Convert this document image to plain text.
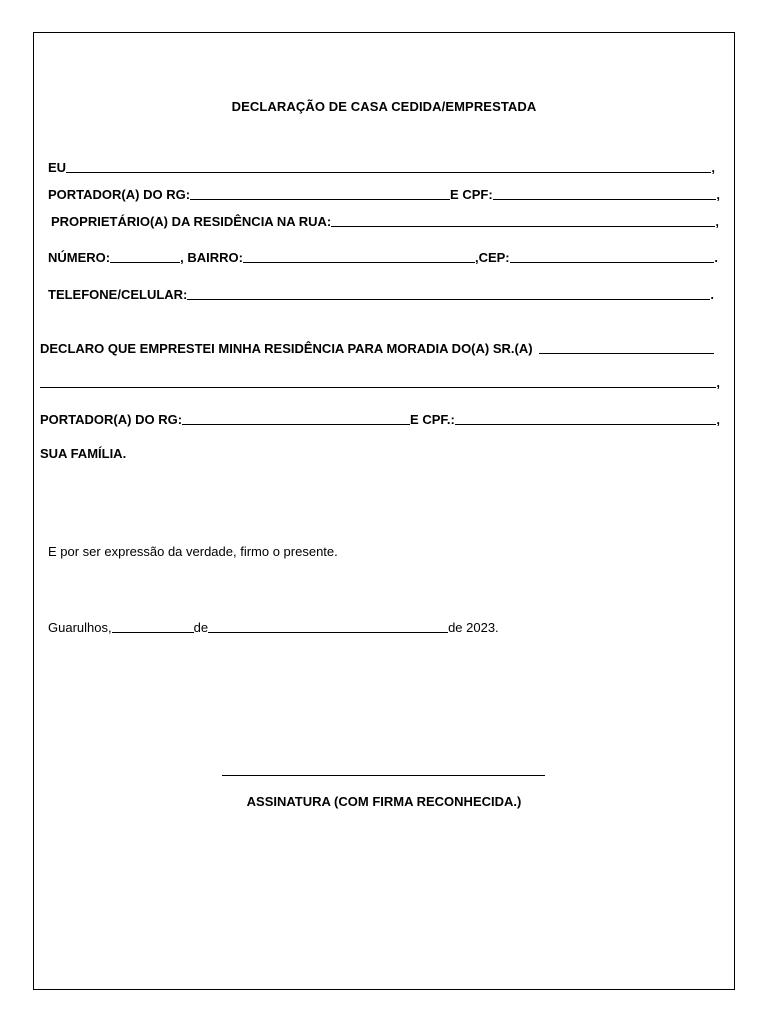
DECLARAÇÃO DE CASA CEDIDA/EMPRESTADA
EU	,
PORTADOR(A) DO RG:	E CPF:	,
PROPRIETÁRIO(A) DA RESIDÊNCIA NA RUA:	,
NÚMERO:	, BAIRRO:	,CEP:	.
TELEFONE/CELULAR:	.
DECLARO QUE EMPRESTEI MINHA RESIDÊNCIA PARA MORADIA DO(A) SR.(A)
,
PORTADOR(A) DO RG:	E CPF.:	,
SUA FAMÍLIA.
E por ser expressão da verdade, firmo o presente.
Guarulhos,	de	de 2023.
ASSINATURA (COM FIRMA RECONHECIDA.)
